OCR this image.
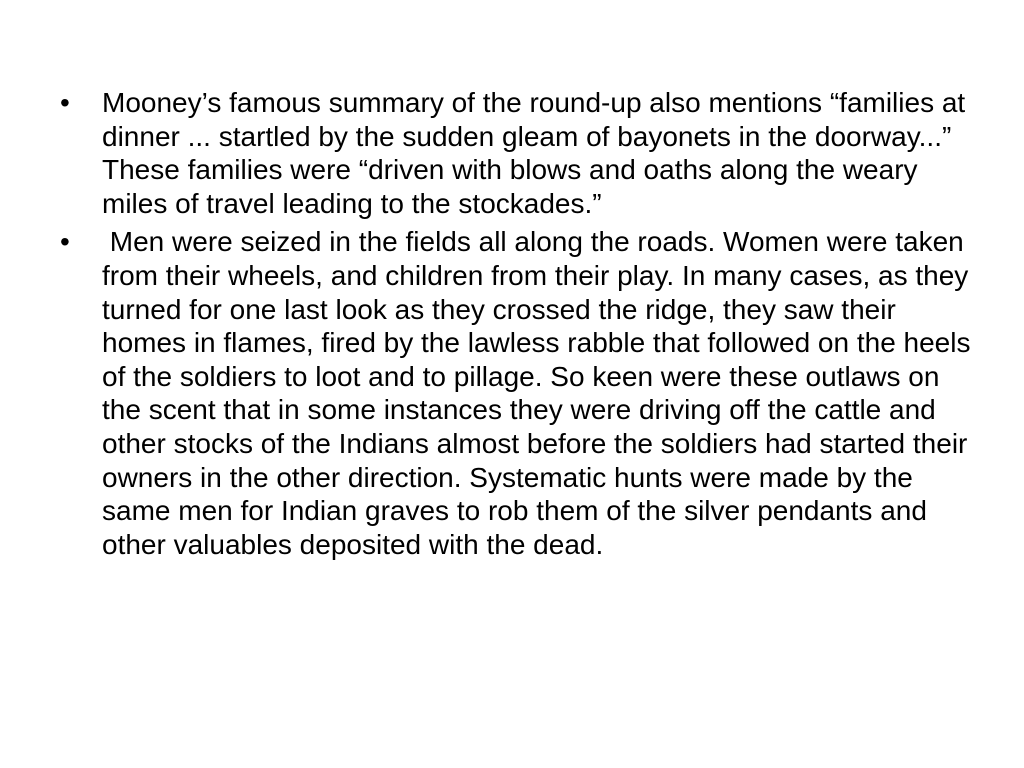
•	Mooney’s famous summary of the round-up also mentions “families at dinner ... startled by the sudden gleam of bayonets in the doorway...” These families were “driven with blows and oaths along the weary miles of travel leading to the stockades.”
•	Men were seized in the fields all along the roads. Women were taken from their wheels, and children from their play. In many cases, as they turned for one last look as they crossed the ridge, they saw their homes in flames, fired by the lawless rabble that followed on the heels of the soldiers to loot and to pillage. So keen were these outlaws on the scent that in some instances they were driving off the cattle and other stocks of the Indians almost before the soldiers had started their owners in the other direction. Systematic hunts were made by the same men for Indian graves to rob them of the silver pendants and other valuables deposited with the dead.
